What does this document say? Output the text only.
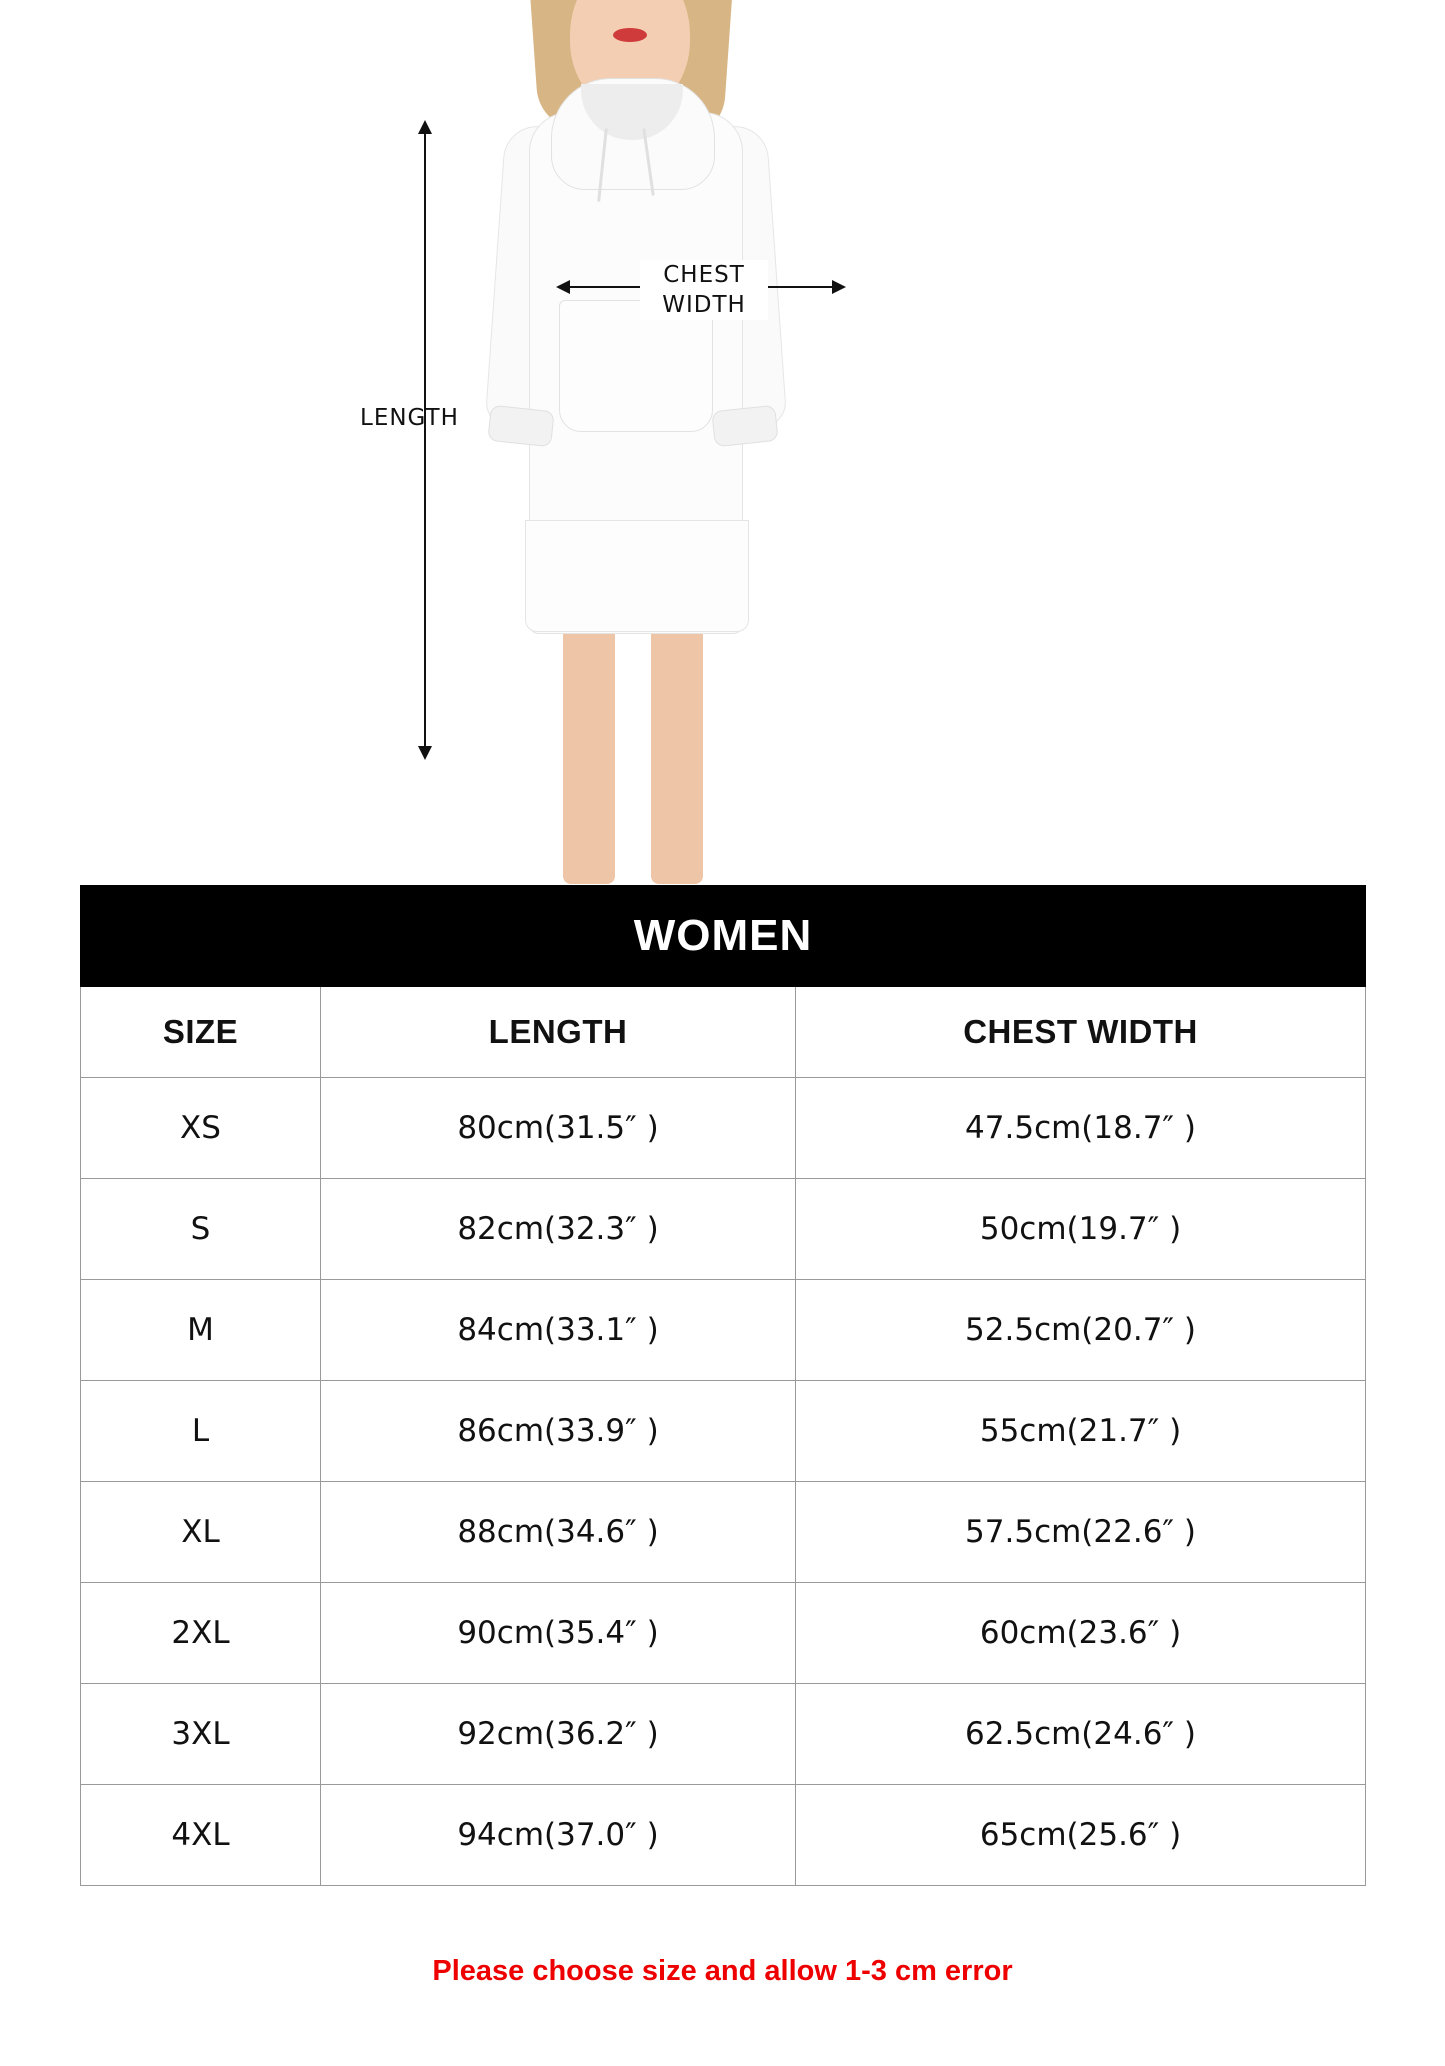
LENGTH
CHEST
WIDTH
WOMEN		
SIZE	LENGTH	CHEST WIDTH
XS	80cm(31.5″ )	47.5cm(18.7″ )
S	82cm(32.3″ )	50cm(19.7″ )
M	84cm(33.1″ )	52.5cm(20.7″ )
L	86cm(33.9″ )	55cm(21.7″ )
XL	88cm(34.6″ )	57.5cm(22.6″ )
2XL	90cm(35.4″ )	60cm(23.6″ )
3XL	92cm(36.2″ )	62.5cm(24.6″ )
4XL	94cm(37.0″ )	65cm(25.6″ )
Please choose size and allow 1-3 cm error
